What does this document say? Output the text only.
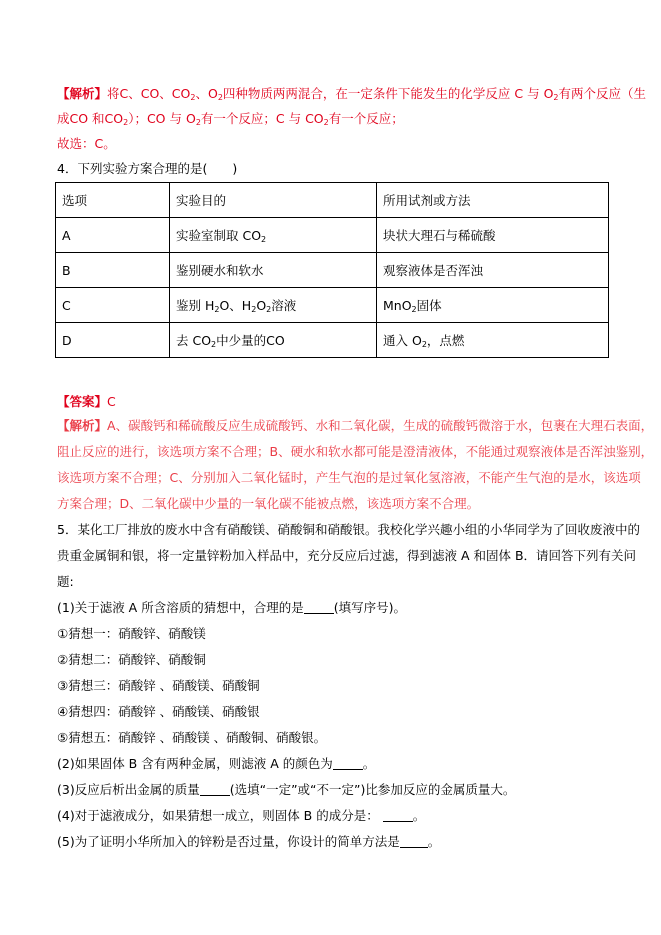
【解析】将C、CO、$CO_2$、$O_2$四种物质两两混合，在一定条件下能发生的化学反应 C 与 $O_2$有两个反应（生
成CO 和$CO_2$）；CO 与 $O_2$有一个反应；C 与 $CO_2$有一个反应；
故选：C。
4．下列实验方案合理的是(　　)
选项	实验目的	所用试剂或方法
A	实验室制取 $CO_2$	块状大理石与稀硫酸
B	鉴别硬水和软水	观察液体是否浑浊
C	鉴别 $H_2O$、$H_2O_2$溶液	MnO$_2$固体
D	去 $CO_2$中少量的CO	通入 $O_2$，点燃
【答案】C
【解析】A、碳酸钙和稀硫酸反应生成硫酸钙、水和二氧化碳，生成的硫酸钙微溶于水，包裹在大理石表面，
阻止反应的进行，该选项方案不合理；B、硬水和软水都可能是澄清液体，不能通过观察液体是否浑浊鉴别，
该选项方案不合理；C、分别加入二氧化锰时，产生气泡的是过氧化氢溶液，不能产生气泡的是水，该选项
方案合理；D、二氧化碳中少量的一氧化碳不能被点燃，该选项方案不合理。
5．某化工厂排放的废水中含有硝酸镁、硝酸铜和硝酸银。我校化学兴趣小组的小华同学为了回收废液中的
贵重金属铜和银，将一定量锌粉加入样品中，充分反应后过滤，得到滤液 A 和固体 B．请回答下列有关问
题:
(1)关于滤液 A 所含溶质的猜想中，合理的是 (填写序号)。
①猜想一：硝酸锌、硝酸镁
②猜想二：硝酸锌、硝酸铜
③猜想三：硝酸锌 、硝酸镁、硝酸铜
④猜想四：硝酸锌 、硝酸镁、硝酸银
⑤猜想五：硝酸锌 、硝酸镁 、硝酸铜、硝酸银。
(2)如果固体 B 含有两种金属，则滤液 A 的颜色为 。
(3)反应后析出金属的质量 (选填“一定”或“不一定”)比参加反应的金属质量大。
(4)对于滤液成分，如果猜想一成立，则固体 B 的成分是：	。
(5)为了证明小华所加入的锌粉是否过量，你设计的简单方法是 。
